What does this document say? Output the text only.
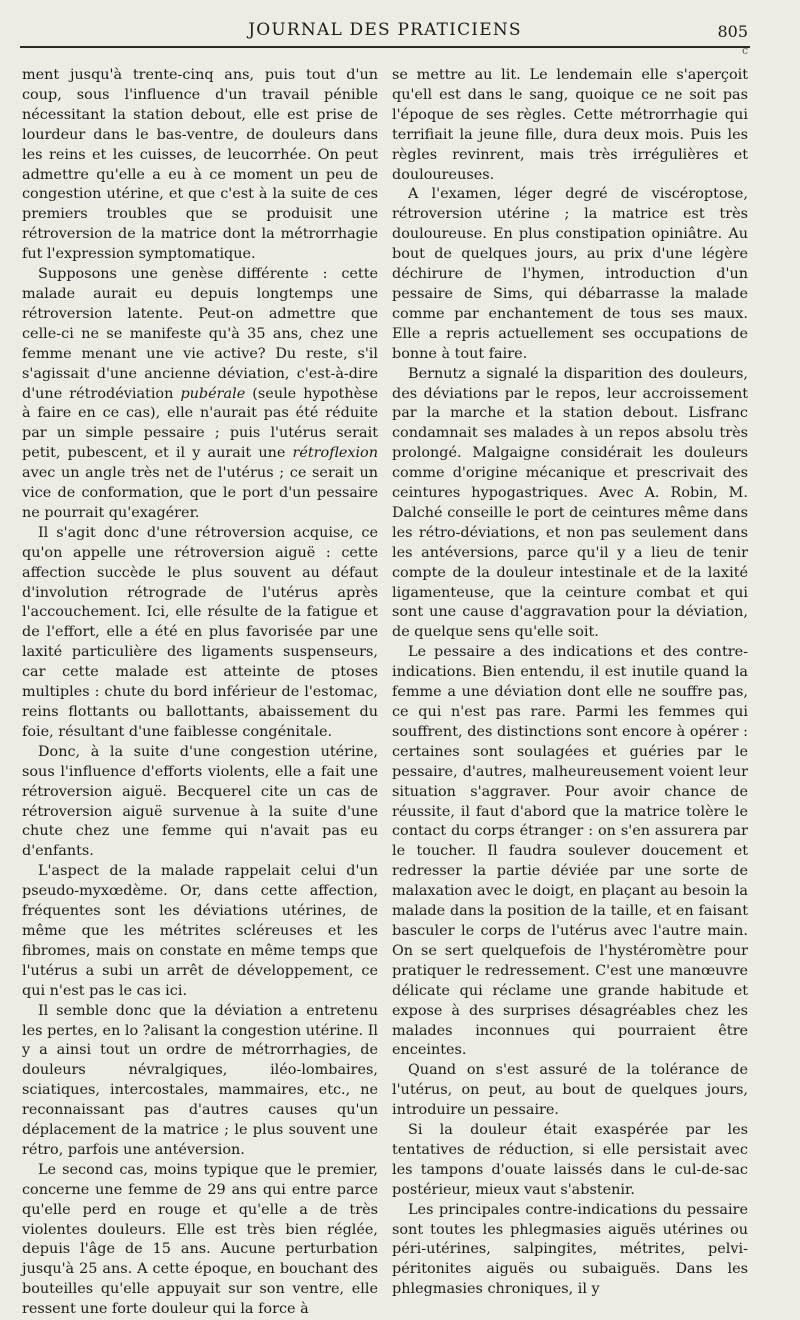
JOURNAL DES PRATICIENS	805
c

ment jusqu'à trente-cinq ans, puis tout d'un coup, sous l'influence d'un travail pénible nécessitant la station debout, elle est prise de lourdeur dans le bas-ventre, de douleurs dans les reins et les cuisses, de leucorrhée. On peut admettre qu'elle a eu à ce moment un peu de congestion utérine, et que c'est à la suite de ces premiers troubles que se produisit une rétroversion de la matrice dont la métrorrhagie fut l'expression symptomatique.

Supposons une genèse différente : cette malade aurait eu depuis longtemps une rétroversion latente. Peut-on admettre que celle-ci ne se manifeste qu'à 35 ans, chez une femme menant une vie active? Du reste, s'il s'agissait d'une ancienne déviation, c'est-à-dire d'une rétrodéviation pubérale (seule hypothèse à faire en ce cas), elle n'aurait pas été réduite par un simple pessaire ; puis l'utérus serait petit, pubescent, et il y aurait une rétroflexion avec un angle très net de l'utérus ; ce serait un vice de conformation, que le port d'un pessaire ne pourrait qu'exagérer.

Il s'agit donc d'une rétroversion acquise, ce qu'on appelle une rétroversion aiguë : cette affection succède le plus souvent au défaut d'involution rétrograde de l'utérus après l'accouchement. Ici, elle résulte de la fatigue et de l'effort, elle a été en plus favorisée par une laxité particulière des ligaments suspenseurs, car cette malade est atteinte de ptoses multiples : chute du bord inférieur de l'estomac, reins flottants ou ballottants, abaissement du foie, résultant d'une faiblesse congénitale.

Donc, à la suite d'une congestion utérine, sous l'influence d'efforts violents, elle a fait une rétroversion aiguë. Becquerel cite un cas de rétroversion aiguë survenue à la suite d'une chute chez une femme qui n'avait pas eu d'enfants.

L'aspect de la malade rappelait celui d'un pseudo-myxœdème. Or, dans cette affection, fréquentes sont les déviations utérines, de même que les métrites scléreuses et les fibromes, mais on constate en même temps que l'utérus a subi un arrêt de développement, ce qui n'est pas le cas ici.

Il semble donc que la déviation a entretenu les pertes, en lo ?alisant la congestion utérine. Il y a ainsi tout un ordre de métrorrhagies, de douleurs névralgiques, iléo-lombaires, sciatiques, intercostales, mammaires, etc., ne reconnaissant pas d'autres causes qu'un déplacement de la matrice ; le plus souvent une rétro, parfois une antéversion.

Le second cas, moins typique que le premier, concerne une femme de 29 ans qui entre parce qu'elle perd en rouge et qu'elle a de très violentes douleurs. Elle est très bien réglée, depuis l'âge de 15 ans. Aucune perturbation jusqu'à 25 ans. A cette époque, en bouchant des bouteilles qu'elle appuyait sur son ventre, elle ressent une forte douleur qui la force à

se mettre au lit. Le lendemain elle s'aperçoit qu'ell est dans le sang, quoique ce ne soit pas l'époque de ses règles. Cette métrorrhagie qui terrifiait la jeune fille, dura deux mois. Puis les règles revinrent, mais très irrégulières et douloureuses.

A l'examen, léger degré de viscéroptose, rétroversion utérine ; la matrice est très douloureuse. En plus constipation opiniâtre. Au bout de quelques jours, au prix d'une légère déchirure de l'hymen, introduction d'un pessaire de Sims, qui débarrasse la malade comme par enchantement de tous ses maux. Elle a repris actuellement ses occupations de bonne à tout faire.

Bernutz a signalé la disparition des douleurs, des déviations par le repos, leur accroissement par la marche et la station debout. Lisfranc condamnait ses malades à un repos absolu très prolongé. Malgaigne considérait les douleurs comme d'origine mécanique et prescrivait des ceintures hypogastriques. Avec A. Robin, M. Dalché conseille le port de ceintures même dans les rétro-déviations, et non pas seulement dans les antéversions, parce qu'il y a lieu de tenir compte de la douleur intestinale et de la laxité ligamenteuse, que la ceinture combat et qui sont une cause d'aggravation pour la déviation, de quelque sens qu'elle soit.

Le pessaire a des indications et des contre-indications. Bien entendu, il est inutile quand la femme a une déviation dont elle ne souffre pas, ce qui n'est pas rare. Parmi les femmes qui souffrent, des distinctions sont encore à opérer : certaines sont soulagées et guéries par le pessaire, d'autres, malheureusement voient leur situation s'aggraver. Pour avoir chance de réussite, il faut d'abord que la matrice tolère le contact du corps étranger : on s'en assurera par le toucher. Il faudra soulever doucement et redresser la partie déviée par une sorte de malaxation avec le doigt, en plaçant au besoin la malade dans la position de la taille, et en faisant basculer le corps de l'utérus avec l'autre main. On se sert quelquefois de l'hystéromètre pour pratiquer le redressement. C'est une manœuvre délicate qui réclame une grande habitude et expose à des surprises désagréables chez les malades inconnues qui pourraient être enceintes.

Quand on s'est assuré de la tolérance de l'utérus, on peut, au bout de quelques jours, introduire un pessaire.

Si la douleur était exaspérée par les tentatives de réduction, si elle persistait avec les tampons d'ouate laissés dans le cul-de-sac postérieur, mieux vaut s'abstenir.

Les principales contre-indications du pessaire sont toutes les phlegmasies aiguës utérines ou péri-utérines, salpingites, métrites, pelvi-péritonites aiguës ou subaiguës. Dans les phlegmasies chroniques, il y
